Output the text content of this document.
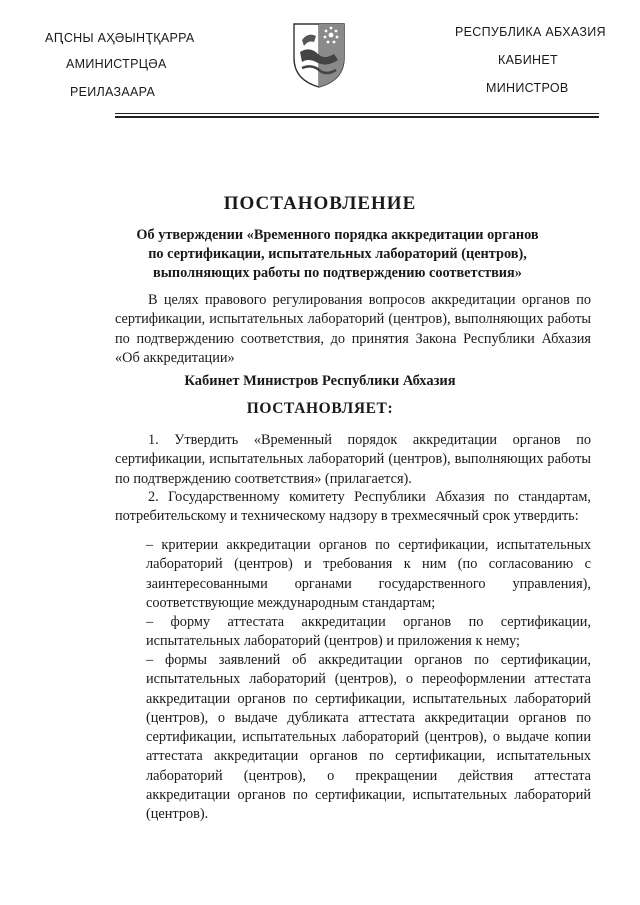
АԤСНЫ АҲӘЫНҬҚАРРА
АМИНИСТРЦӘА
РЕИЛАЗААРА
РЕСПУБЛИКА АБХАЗИЯ
КАБИНЕТ
МИНИСТРОВ
ПОСТАНОВЛЕНИЕ
Об утверждении «Временного порядка аккредитации органов
по сертификации, испытательных лабораторий (центров),
выполняющих работы по подтверждению соответствия»
В целях правового регулирования вопросов аккредитации органов по сертификации, испытательных лабораторий (центров), выполняющих работы по подтверждению соответствия, до принятия Закона Республики Абхазия «Об аккредитации»
Кабинет Министров Республики Абхазия
ПОСТАНОВЛЯЕТ:
1. Утвердить «Временный порядок аккредитации органов по сертификации, испытательных лабораторий (центров), выполняющих работы по подтверждению соответствия» (прилагается).
2. Государственному комитету Республики Абхазия по стандартам, потребительскому и техническому надзору в трехмесячный срок утвердить:
– критерии аккредитации органов по сертификации, испытательных лабораторий (центров) и требования к ним (по согласованию с заинтересованными органами государственного управления), соответствующие международным стандартам;
– форму аттестата аккредитации органов по сертификации, испытательных лабораторий (центров) и приложения к нему;
– формы заявлений об аккредитации органов по сертификации, испытательных лабораторий (центров), о переоформлении аттестата аккредитации органов по сертификации, испытательных лабораторий (центров), о выдаче дубликата аттестата аккредитации органов по сертификации, испытательных лабораторий (центров), о выдаче копии аттестата аккредитации органов по сертификации, испытательных лабораторий (центров), о прекращении действия аттестата аккредитации органов по сертификации, испытательных лабораторий (центров).
